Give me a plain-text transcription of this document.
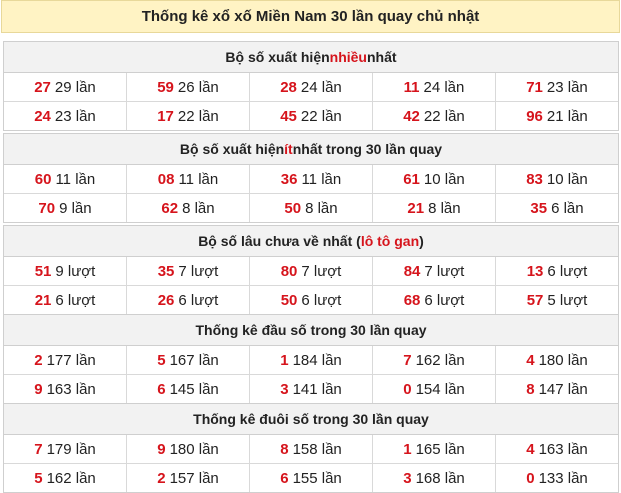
Thống kê xổ xố Miền Nam 30 lần quay chủ nhật
Bộ số xuất hiện nhiều nhất
27 29 lần	59 26 lần	28 24 lần	11 24 lần	71 23 lần
24 23 lần	17 22 lần	45 22 lần	42 22 lần	96 21 lần
Bộ số xuất hiện ít nhất trong 30 lần quay
60 11 lần	08 11 lần	36 11 lần	61 10 lần	83 10 lần
70 9 lần	62 8 lần	50 8 lần	21 8 lần	35 6 lần
Bộ số lâu chưa về nhất ( lô tô gan )
51 9 lượt	35 7 lượt	80 7 lượt	84 7 lượt	13 6 lượt
21 6 lượt	26 6 lượt	50 6 lượt	68 6 lượt	57 5 lượt
Thống kê đầu số trong 30 lần quay
2 177 lần	5 167 lần	1 184 lần	7 162 lần	4 180 lần
9 163 lần	6 145 lần	3 141 lần	0 154 lần	8 147 lần
Thống kê đuôi số trong 30 lần quay
7 179 lần	9 180 lần	8 158 lần	1 165 lần	4 163 lần
5 162 lần	2 157 lần	6 155 lần	3 168 lần	0 133 lần
